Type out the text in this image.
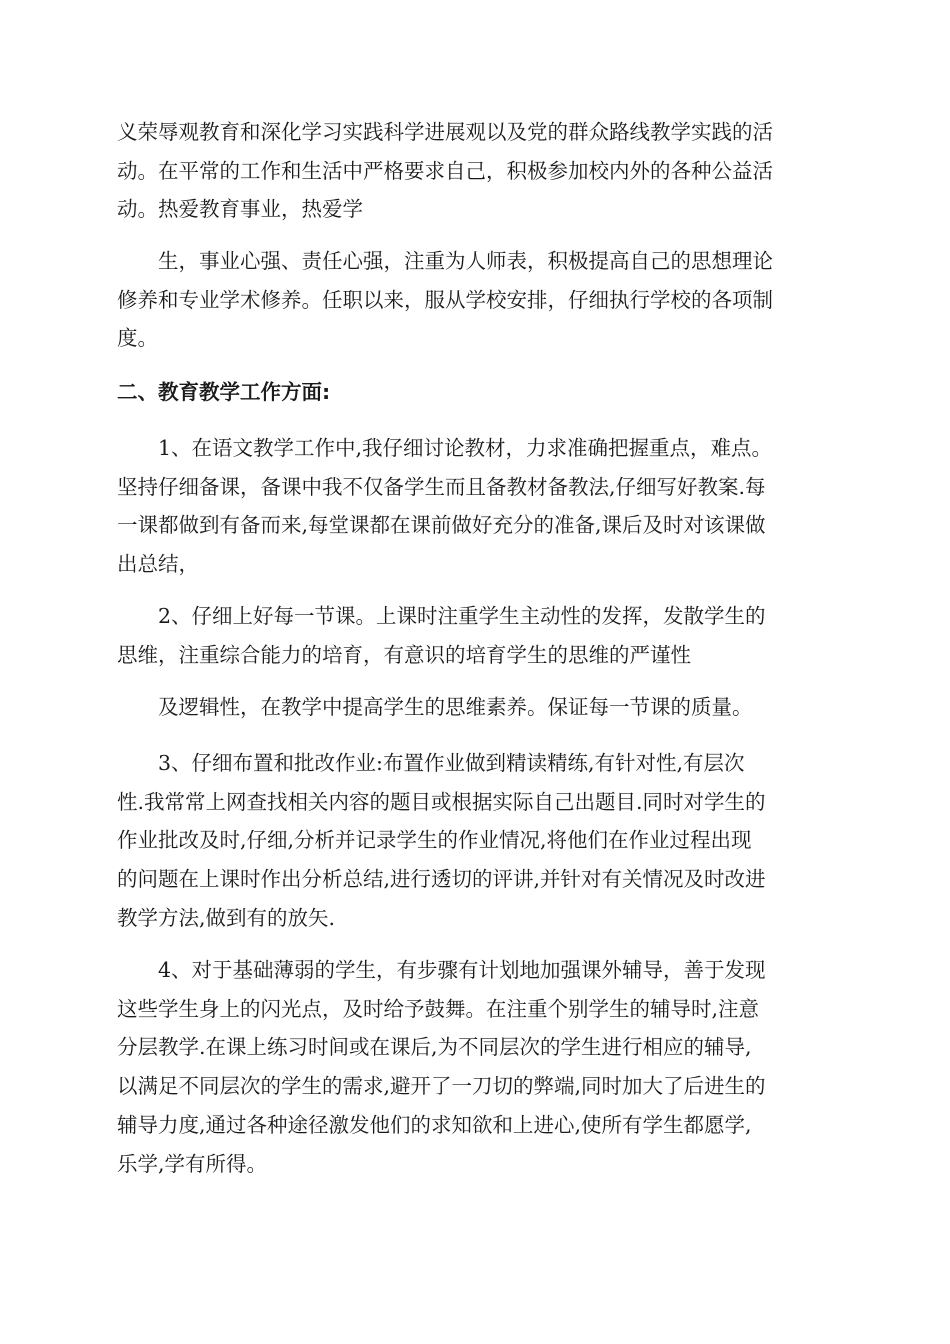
义荣辱观教育和深化学习实践科学进展观以及党的群众路线教学实践的活
动。在平常的工作和生活中严格要求自己，积极参加校内外的各种公益活
动。热爱教育事业，热爱学

　　生，事业心强、责任心强，注重为人师表，积极提高自己的思想理论
修养和专业学术修养。任职以来，服从学校安排，仔细执行学校的各项制
度。

二、教育教学工作方面:

　　1、在语文教学工作中,我仔细讨论教材，力求准确把握重点，难点。
坚持仔细备课，备课中我不仅备学生而且备教材备教法,仔细写好教案.每
一课都做到有备而来,每堂课都在课前做好充分的准备,课后及时对该课做
出总结，

　　2、仔细上好每一节课。上课时注重学生主动性的发挥，发散学生的
思维，注重综合能力的培育，有意识的培育学生的思维的严谨性

　　及逻辑性，在教学中提高学生的思维素养。保证每一节课的质量。

　　3、仔细布置和批改作业:布置作业做到精读精练,有针对性,有层次
性.我常常上网查找相关内容的题目或根据实际自己出题目.同时对学生的
作业批改及时,仔细,分析并记录学生的作业情况,将他们在作业过程出现
的问题在上课时作出分析总结,进行透切的评讲,并针对有关情况及时改进
教学方法,做到有的放矢.

　　4、对于基础薄弱的学生，有步骤有计划地加强课外辅导，善于发现
这些学生身上的闪光点，及时给予鼓舞。在注重个别学生的辅导时,注意
分层教学.在课上练习时间或在课后,为不同层次的学生进行相应的辅导,
以满足不同层次的学生的需求,避开了一刀切的弊端,同时加大了后进生的
辅导力度,通过各种途径激发他们的求知欲和上进心,使所有学生都愿学,
乐学,学有所得。
